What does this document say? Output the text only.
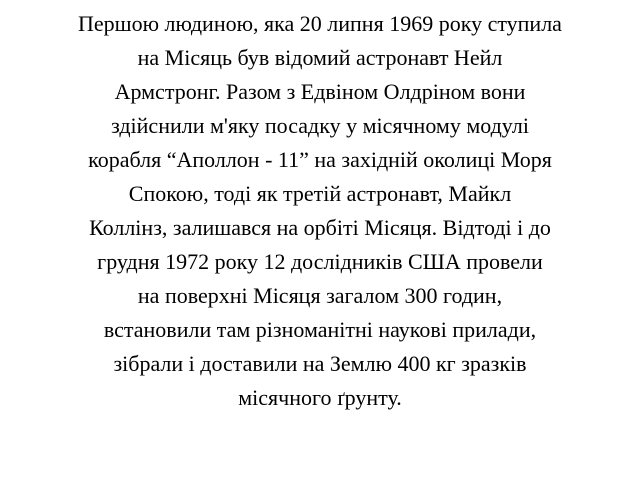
Першою людиною, яка 20 липня 1969 року ступила
на Місяць був відомий астронавт Нейл
Армстронг. Разом з Едвіном Олдріном вони
здійснили м'яку посадку у місячному модулі
корабля “Аполлон - 11” на західній околиці Моря
Спокою, тоді як третій астронавт, Майкл
Коллінз, залишався на орбіті Місяця. Відтоді і до
грудня 1972 року 12 дослідників США провели
на поверхні Місяця загалом 300 годин,
встановили там різноманітні наукові прилади,
зібрали і доставили на Землю 400 кг зразків
місячного ґрунту.
